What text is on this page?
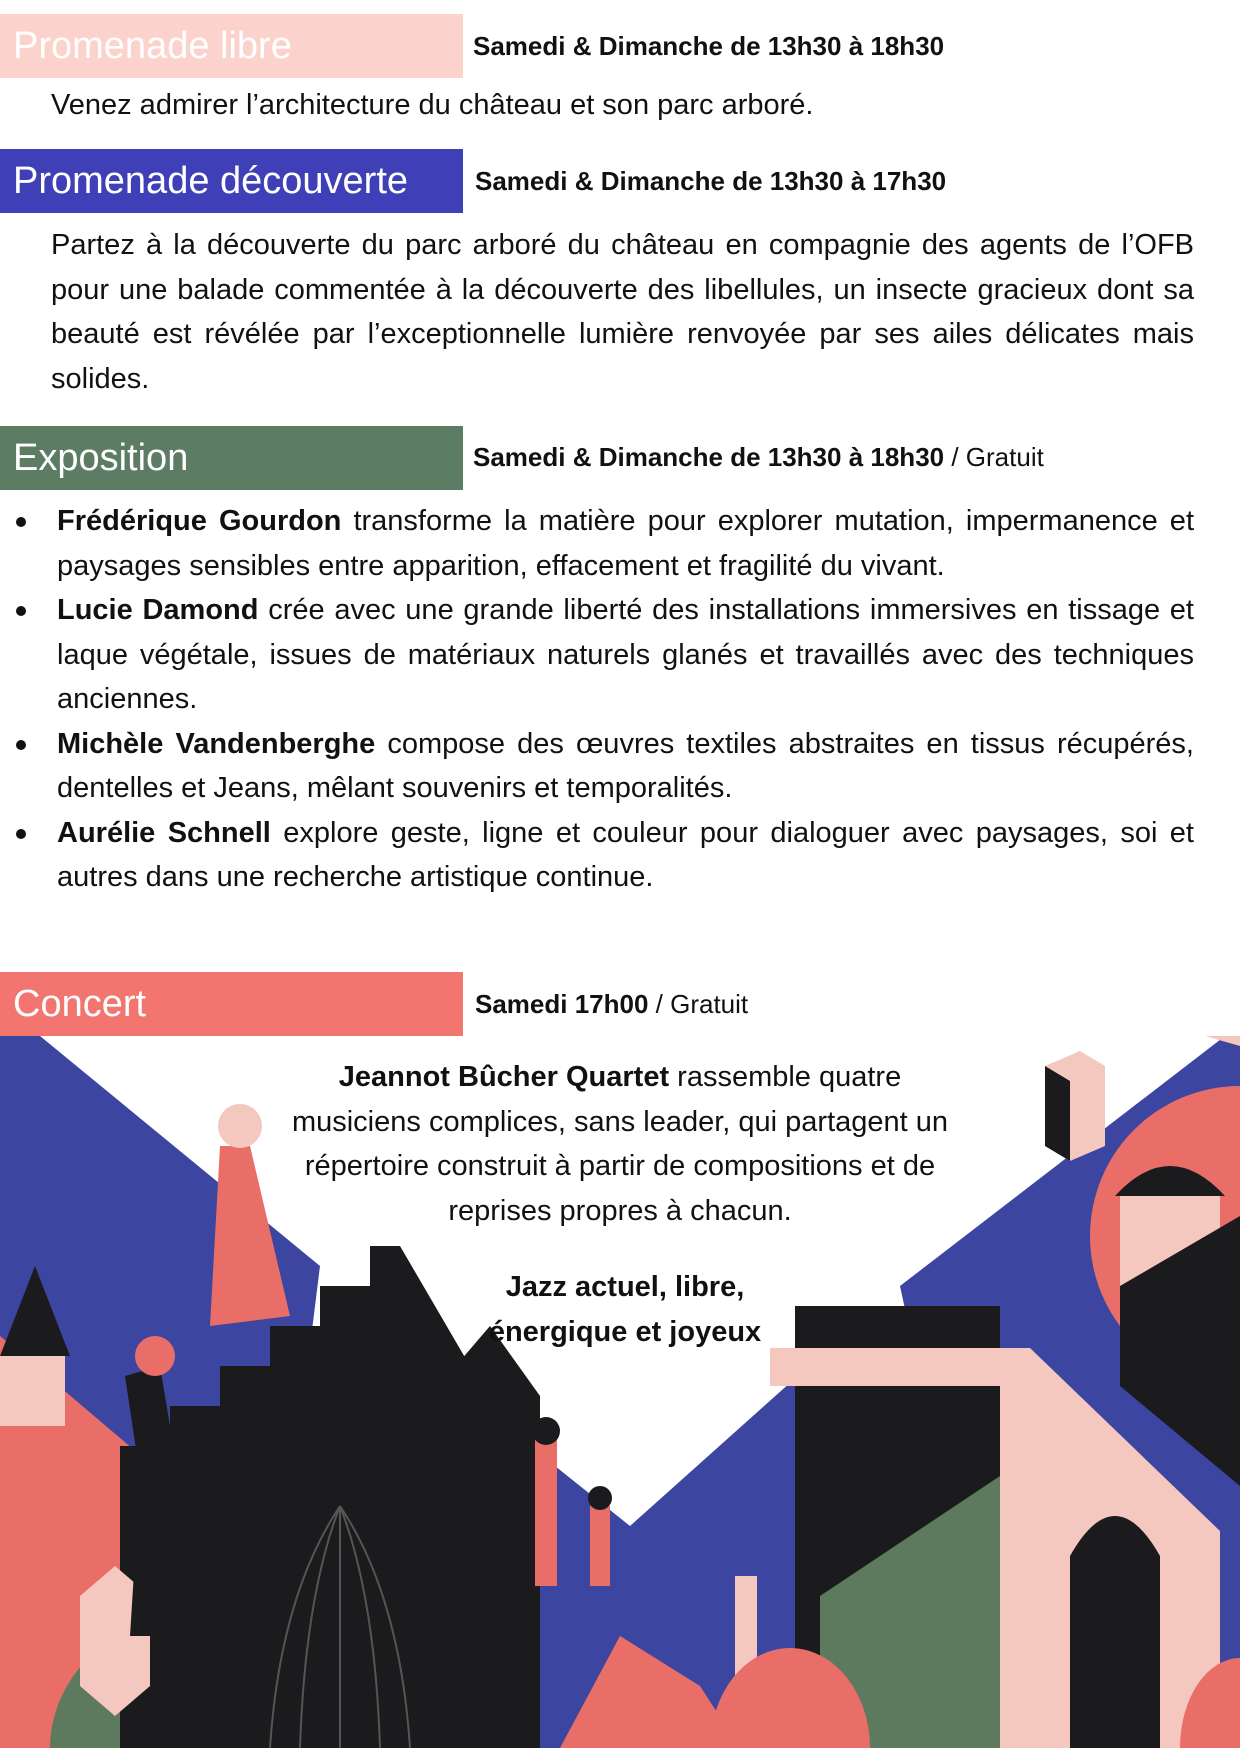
Promenade libre	Samedi & Dimanche de 13h30 à 18h30

Venez admirer l’architecture du château et son parc arboré.

Promenade découverte	Samedi & Dimanche de 13h30 à 17h30

Partez à la découverte du parc arboré du château en compagnie des agents de l’OFB pour une balade commentée à la découverte des libellules, un insecte gracieux dont sa beauté est révélée par l’exceptionnelle lumière renvoyée par ses ailes délicates mais solides.

Exposition	Samedi & Dimanche de 13h30 à 18h30 / Gratuit
Frédérique Gourdon transforme la matière pour explorer mutation, impermanence et paysages sensibles entre apparition, effacement et fragilité du vivant.
Lucie Damond crée avec une grande liberté des installations immersives en tissage et laque végétale, issues de matériaux naturels glanés et travaillés avec des techniques anciennes.
Michèle Vandenberghe compose des œuvres textiles abstraites en tissus récupérés, dentelles et Jeans, mêlant souvenirs et temporalités.
Aurélie Schnell explore geste, ligne et couleur pour dialoguer avec paysages, soi et autres dans une recherche artistique continue.
Concert	Samedi 17h00 / Gratuit

Jeannot Bûcher Quartet rassemble quatre musiciens complices, sans leader, qui partagent un répertoire construit à partir de compositions et de reprises propres à chacun.

Jazz actuel, libre,
énergique et joyeux
